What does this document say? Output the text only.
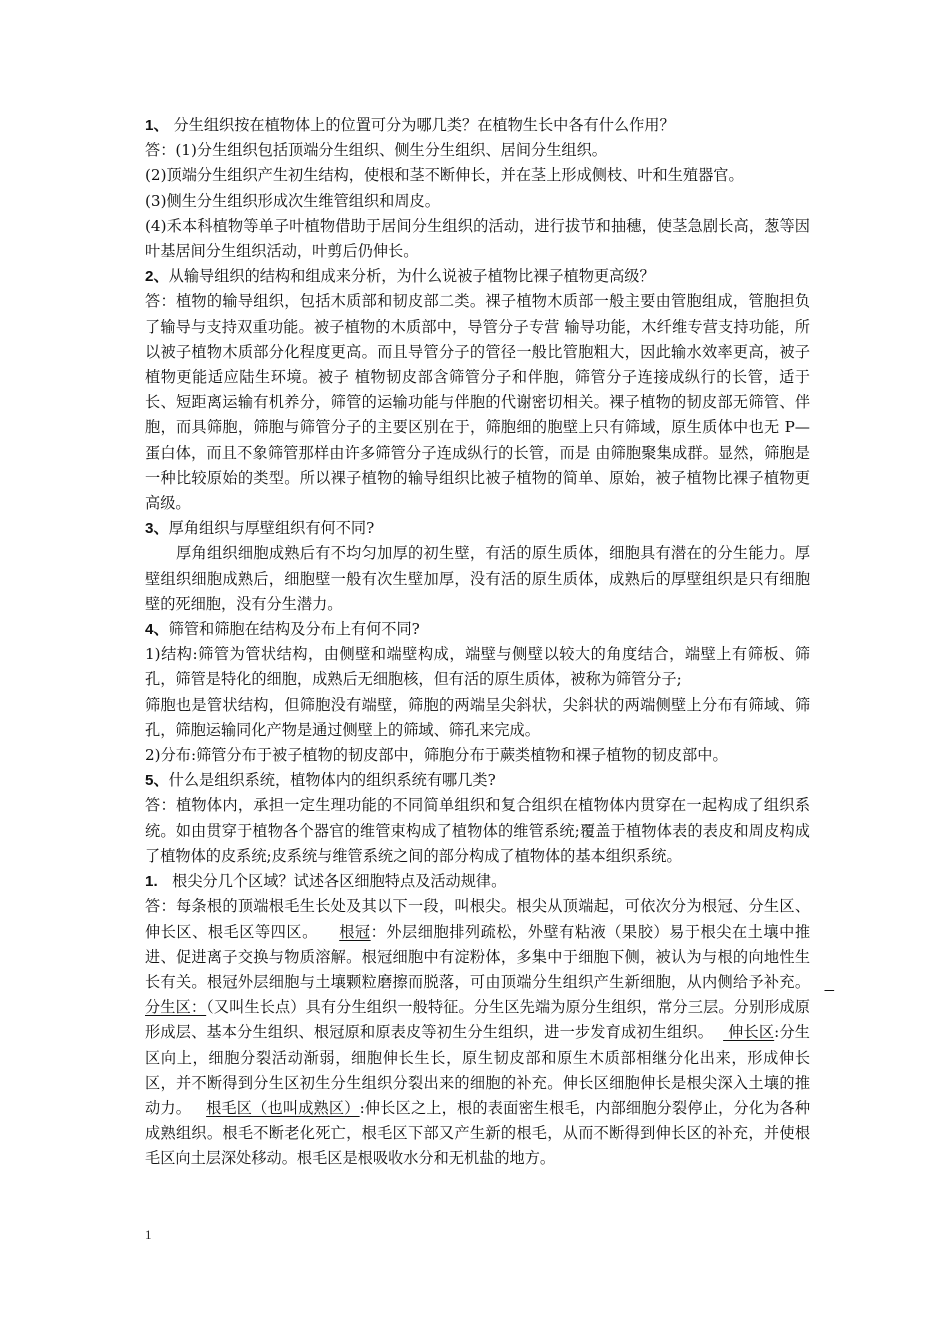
1、 分生组织按在植物体上的位置可分为哪几类？在植物生长中各有什么作用？

答：(1)分生组织包括顶端分生组织、侧生分生组织、居间分生组织。

(2)顶端分生组织产生初生结构，使根和茎不断伸长，并在茎上形成侧枝、叶和生殖器官。

(3)侧生分生组织形成次生维管组织和周皮。

(4)禾本科植物等单子叶植物借助于居间分生组织的活动，进行拔节和抽穗，使茎急剧长高，葱等因叶基居间分生组织活动，叶剪后仍伸长。

2、从输导组织的结构和组成来分析，为什么说被子植物比裸子植物更高级？

答：植物的输导组织，包括木质部和韧皮部二类。裸子植物木质部一般主要由管胞组成，管胞担负了输导与支持双重功能。被子植物的木质部中，导管分子专营 输导功能，木纤维专营支持功能，所以被子植物木质部分化程度更高。而且导管分子的管径一般比管胞粗大，因此输水效率更高，被子植物更能适应陆生环境。被子 植物韧皮部含筛管分子和伴胞，筛管分子连接成纵行的长管，适于长、短距离运输有机养分，筛管的运输功能与伴胞的代谢密切相关。裸子植物的韧皮部无筛管、伴 胞，而具筛胞，筛胞与筛管分子的主要区别在于，筛胞细的胞壁上只有筛域，原生质体中也无 P—蛋白体，而且不象筛管那样由许多筛管分子连成纵行的长管，而是 由筛胞聚集成群。显然，筛胞是一种比较原始的类型。所以裸子植物的输导组织比被子植物的简单、原始，被子植物比裸子植物更高级。

3、厚角组织与厚壁组织有何不同?

厚角组织细胞成熟后有不均匀加厚的初生壁，有活的原生质体，细胞具有潜在的分生能力。厚壁组织细胞成熟后，细胞壁一般有次生壁加厚，没有活的原生质体，成熟后的厚壁组织是只有细胞壁的死细胞，没有分生潜力。

4、筛管和筛胞在结构及分布上有何不同?

1)结构:筛管为管状结构，由侧壁和端壁构成，端壁与侧壁以较大的角度结合，端壁上有筛板、筛孔，筛管是特化的细胞，成熟后无细胞核，但有活的原生质体，被称为筛管分子;

筛胞也是管状结构，但筛胞没有端壁，筛胞的两端呈尖斜状，尖斜状的两端侧壁上分布有筛域、筛孔，筛胞运输同化产物是通过侧壁上的筛域、筛孔来完成。

2)分布:筛管分布于被子植物的韧皮部中，筛胞分布于蕨类植物和裸子植物的韧皮部中。

5、什么是组织系统，植物体内的组织系统有哪几类?

答：植物体内，承担一定生理功能的不同简单组织和复合组织在植物体内贯穿在一起构成了组织系统。如由贯穿于植物各个器官的维管束构成了植物体的维管系统;覆盖于植物体表的表皮和周皮构成了植物体的皮系统;皮系统与维管系统之间的部分构成了植物体的基本组织系统。

1.   根尖分几个区域？试述各区细胞特点及活动规律。

答：每条根的顶端根毛生长处及其以下一段，叫根尖。根尖从顶端起，可依次分为根冠、分生区、伸长区、根毛区等四区。    根冠：外层细胞排列疏松，外壁有粘液（果胶）易于根尖在土壤中推进、促进离子交换与物质溶解。根冠细胞中有淀粉体，多集中于细胞下侧，被认为与根的向地性生长有关。根冠外层细胞与土壤颗粒磨擦而脱落，可由顶端分生组织产生新细胞，从内侧给予补充。     分生区：（又叫生长点）具有分生组织一般特征。分生区先端为原分生组织，常分三层。分别形成原形成层、基本分生组织、根冠原和原表皮等初生分生组织，进一步发育成初生组织。   伸长区:分生区向上，细胞分裂活动渐弱，细胞伸长生长，原生韧皮部和原生木质部相继分化出来，形成伸长区，并不断得到分生区初生分生组织分裂出来的细胞的补充。伸长区细胞伸长是根尖深入土壤的推动力。   根毛区（也叫成熟区）:伸长区之上，根的表面密生根毛，内部细胞分裂停止，分化为各种成熟组织。根毛不断老化死亡，根毛区下部又产生新的根毛，从而不断得到伸长区的补充，并使根毛区向土层深处移动。根毛区是根吸收水分和无机盐的地方。

1
